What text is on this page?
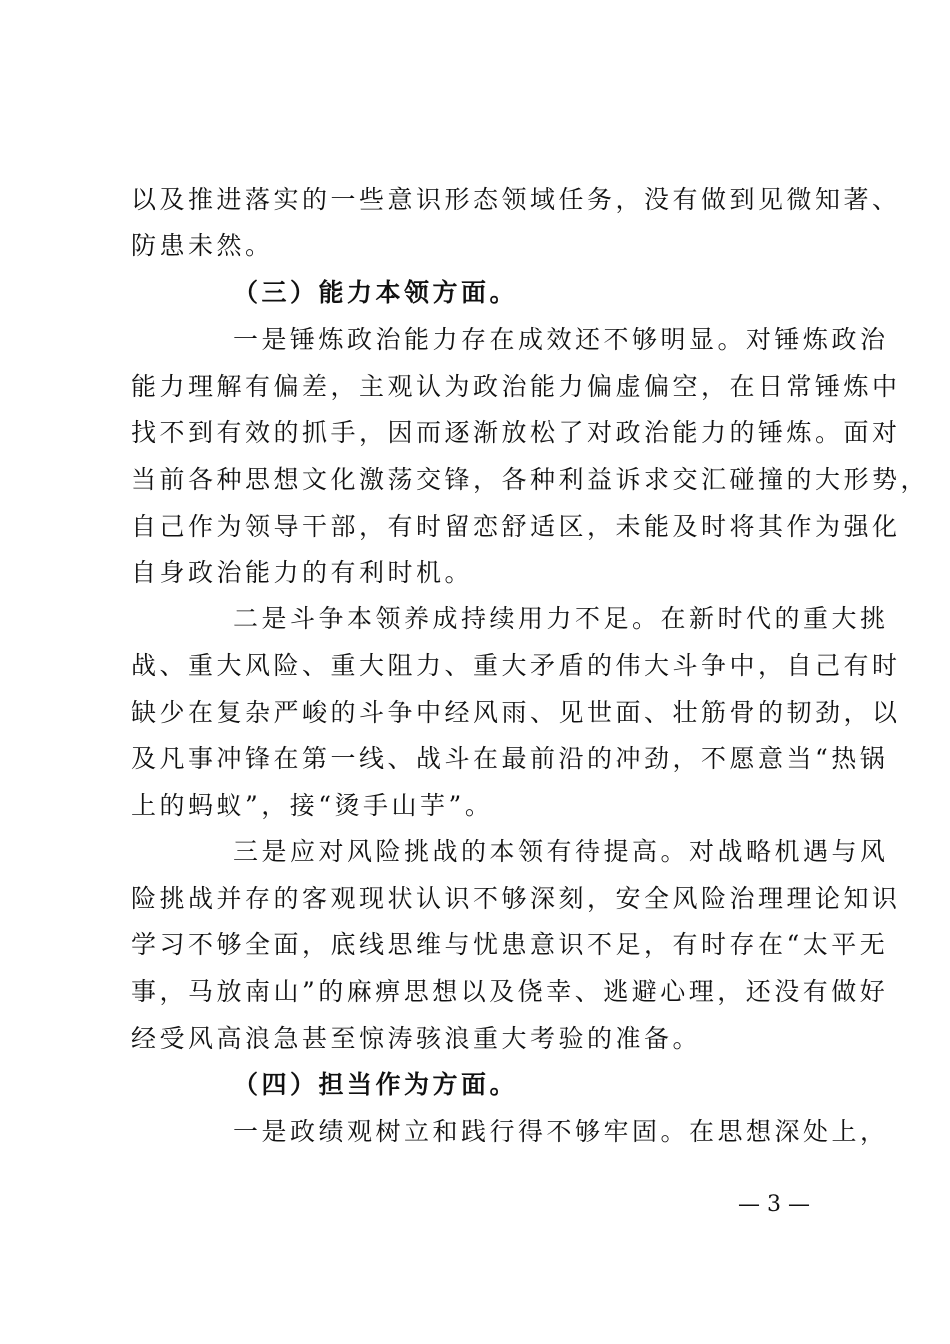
以及推进落实的一些意识形态领域任务，没有做到见微知著、
防患未然。
（三）能力本领方面。
一是锤炼政治能力存在成效还不够明显。对锤炼政治
能力理解有偏差，主观认为政治能力偏虚偏空，在日常锤炼中
找不到有效的抓手，因而逐渐放松了对政治能力的锤炼。面对
当前各种思想文化激荡交锋，各种利益诉求交汇碰撞的大形势，
自己作为领导干部，有时留恋舒适区，未能及时将其作为强化
自身政治能力的有利时机。
二是斗争本领养成持续用力不足。在新时代的重大挑
战、重大风险、重大阻力、重大矛盾的伟大斗争中，自己有时
缺少在复杂严峻的斗争中经风雨、见世面、壮筋骨的韧劲，以
及凡事冲锋在第一线、战斗在最前沿的冲劲，不愿意当“热锅
上的蚂蚁”，接“烫手山芋”。
三是应对风险挑战的本领有待提高。对战略机遇与风
险挑战并存的客观现状认识不够深刻，安全风险治理理论知识
学习不够全面，底线思维与忧患意识不足，有时存在“太平无
事，马放南山”的麻痹思想以及侥幸、逃避心理，还没有做好
经受风高浪急甚至惊涛骇浪重大考验的准备。
（四）担当作为方面。
一是政绩观树立和践行得不够牢固。在思想深处上，
— 3 —
